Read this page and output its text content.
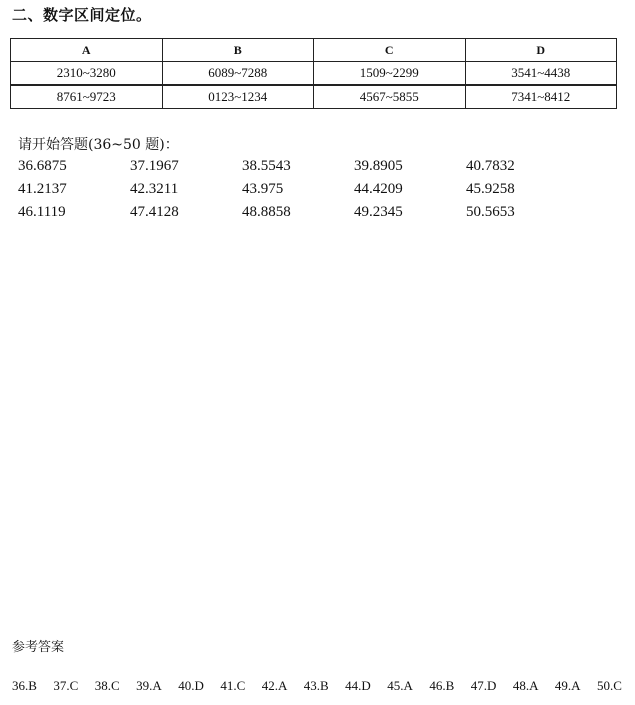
二、数字区间定位。
A	B	C	D
2310~3280	6089~7288	1509~2299	3541~4438
8761~9723	0123~1234	4567~5855	7341~8412
请开始答题(36~50 题)：
36.6875	37.1967	38.5543	39.8905	40.7832
41.2137	42.3211	43.975	44.4209	45.9258
46.1119	47.4128	48.8858	49.2345	50.5653
参考答案
36.B 37.C 38.C 39.A 40.D 41.C 42.A 43.B 44.D 45.A 46.B 47.D 48.A 49.A 50.C
